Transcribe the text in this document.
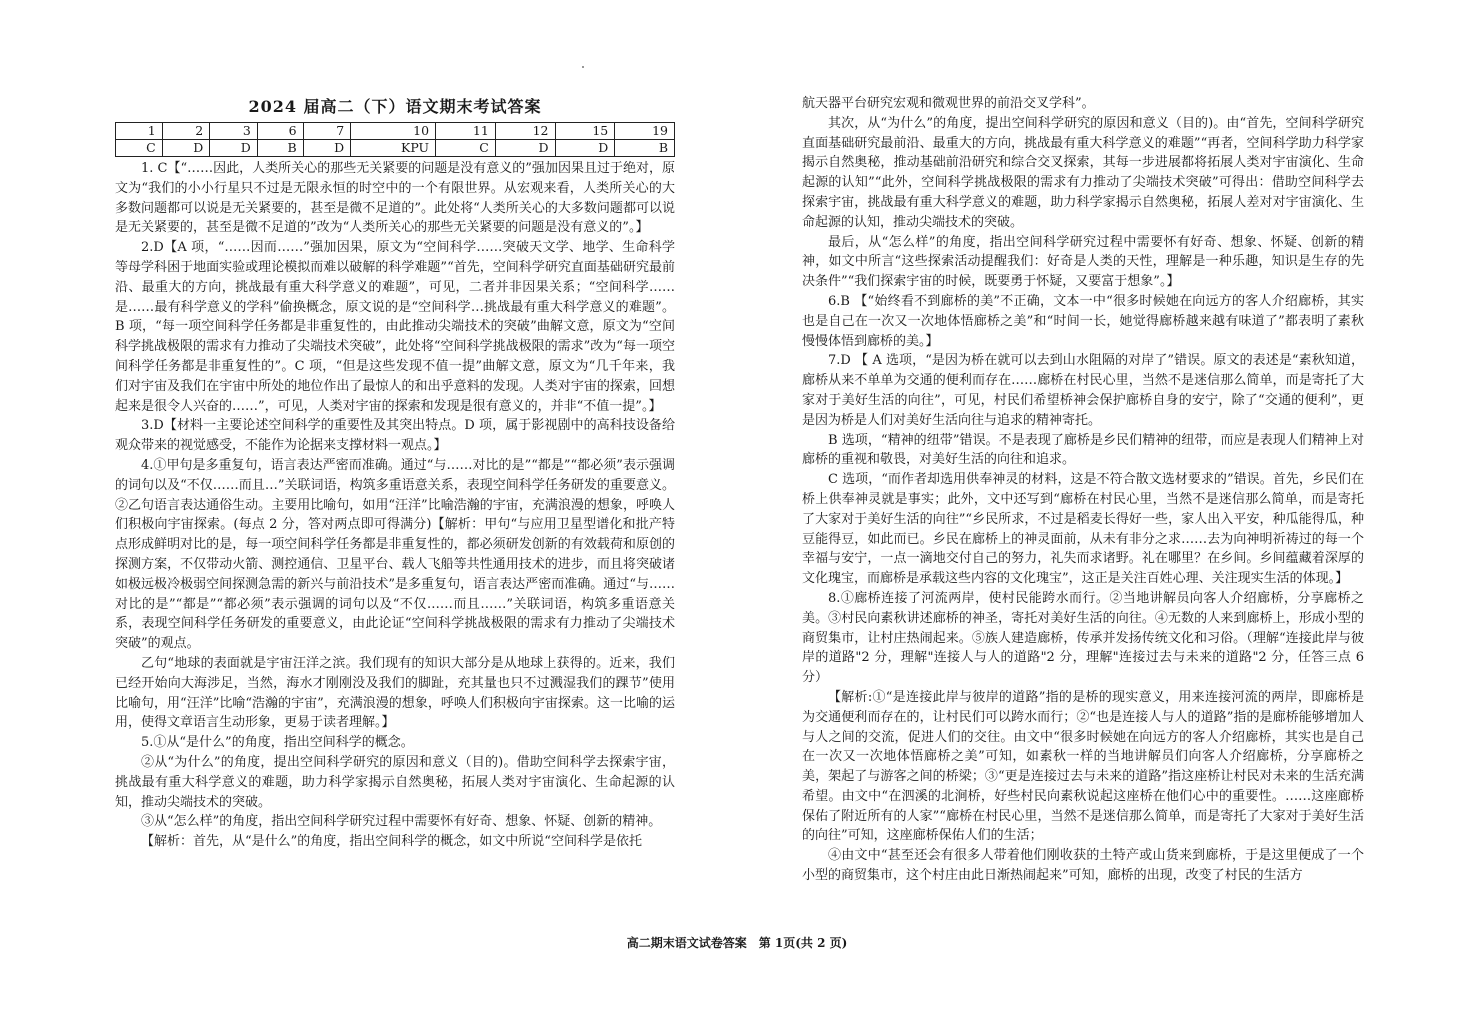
2024 届高二（下）语文期末考试答案
1	2	3	6	7	10	11	12	15	19
C	D	D	B	D	KPU	C	D	D	B

1. C【“……因此，人类所关心的那些无关紧要的问题是没有意义的”强加因果且过于绝对，原文为“我们的小小行星只不过是无限永恒的时空中的一个有限世界。从宏观来看，人类所关心的大多数问题都可以说是无关紧要的，甚至是微不足道的”。此处将“人类所关心的大多数问题都可以说是无关紧要的，甚至是微不足道的”改为“人类所关心的那些无关紧要的问题是没有意义的”。】

2.D【A 项，“……因而……”强加因果，原文为“空间科学……突破天文学、地学、生命科学等母学科困于地面实验或理论模拟而难以破解的科学难题”“首先，空间科学研究直面基础研究最前沿、最重大的方向，挑战最有重大科学意义的难题”，可见，二者并非因果关系；“空间科学……是……最有科学意义的学科”偷换概念，原文说的是“空间科学…挑战最有重大科学意义的难题”。B 项，“每一项空间科学任务都是非重复性的，由此推动尖端技术的突破”曲解文意，原文为“空间科学挑战极限的需求有力推动了尖端技术突破”，此处将“空间科学挑战极限的需求”改为“每一项空间科学任务都是非重复性的”。C 项，“但是这些发现不值一提”曲解文意，原文为“几千年来，我们对宇宙及我们在宇宙中所处的地位作出了最惊人的和出乎意料的发现。人类对宇宙的探索，回想起来是很令人兴奋的……”，可见，人类对宇宙的探索和发现是很有意义的，并非“不值一提”。】

3.D【材料一主要论述空间科学的重要性及其突出特点。D 项，属于影视剧中的高科技设备给观众带来的视觉感受，不能作为论据来支撑材料一观点。】

4.①甲句是多重复句，语言表达严密而准确。通过“与……对比的是”“都是”“都必须”表示强调的词句以及“不仅……而且…”关联词语，构筑多重语意关系，表现空间科学任务研发的重要意义。②乙句语言表达通俗生动。主要用比喻句，如用“汪洋”比喻浩瀚的宇宙，充满浪漫的想象，呼唤人们积极向宇宙探索。(每点 2 分，答对两点即可得满分)【解析：甲句“与应用卫星型谱化和批产特点形成鲜明对比的是，每一项空间科学任务都是非重复性的，都必须研发创新的有效载荷和原创的探测方案，不仅带动火箭、测控通信、卫星平台、载人飞船等共性通用技术的进步，而且将突破诸如极远极冷极弱空间探测急需的新兴与前沿技术”是多重复句，语言表达严密而准确。通过“与……对比的是”“都是”“都必须”表示强调的词句以及“不仅……而且……”关联词语，构筑多重语意关系，表现空间科学任务研发的重要意义，由此论证“空间科学挑战极限的需求有力推动了尖端技术突破”的观点。

乙句“地球的表面就是宇宙汪洋之滨。我们现有的知识大部分是从地球上获得的。近来，我们已经开始向大海涉足，当然，海水才刚刚没及我们的脚趾，充其量也只不过溅湿我们的踝节”使用比喻句，用“汪洋”比喻“浩瀚的宇宙”，充满浪漫的想象，呼唤人们积极向宇宙探索。这一比喻的运用，使得文章语言生动形象，更易于读者理解。】

5.①从“是什么”的角度，指出空间科学的概念。

②从“为什么”的角度，提出空间科学研究的原因和意义（目的)。借助空间科学去探索宇宙，挑战最有重大科学意义的难题，助力科学家揭示自然奥秘，拓展人类对宇宙演化、生命起源的认知，推动尖端技术的突破。

③从“怎么样”的角度，指出空间科学研究过程中需要怀有好奇、想象、怀疑、创新的精神。

【解析：首先，从“是什么”的角度，指出空间科学的概念，如文中所说“空间科学是依托

航天器平台研究宏观和微观世界的前沿交叉学科”。

其次，从“为什么”的角度，提出空间科学研究的原因和意义（目的)。由“首先，空间科学研究直面基础研究最前沿、最重大的方向，挑战最有重大科学意义的难题”“再者，空间科学助力科学家揭示自然奥秘，推动基础前沿研究和综合交叉探索，其每一步进展都将拓展人类对宇宙演化、生命起源的认知”“此外，空间科学挑战极限的需求有力推动了尖端技术突破”可得出：借助空间科学去探索宇宙，挑战最有重大科学意义的难题，助力科学家揭示自然奥秘，拓展人差对对宇宙演化、生命起源的认知，推动尖端技术的突破。

最后，从“怎么样”的角度，指出空间科学研究过程中需要怀有好奇、想象、怀疑、创新的精神，如文中所言“这些探索活动提醒我们：好奇是人类的天性，理解是一种乐趣，知识是生存的先决条件”“我们探索宇宙的时候，既要勇于怀疑，又要富于想象”。】

6.B 【“始终看不到廊桥的美”不正确，文本一中“很多时候她在向远方的客人介绍廊桥，其实也是自己在一次又一次地体悟廊桥之美”和“时间一长，她觉得廊桥越来越有味道了”都表明了素秋慢慢体悟到廊桥的美。】

7.D 【 A 选项，“是因为桥在就可以去到山水阻隔的对岸了”错误。原文的表述是“素秋知道，廊桥从来不单单为交通的便利而存在……廊桥在村民心里，当然不是迷信那么简单，而是寄托了大家对于美好生活的向往”，可见，村民们希望桥神会保护廊桥自身的安宁，除了“交通的便利”，更是因为桥是人们对美好生活向往与追求的精神寄托。

B 选项，“精神的纽带”错误。不是表现了廊桥是乡民们精神的纽带，而应是表现人们精神上对廊桥的重视和敬畏，对美好生活的向往和追求。

C 选项，“而作者却选用供奉神灵的材料，这是不符合散文选材要求的”错误。首先，乡民们在桥上供奉神灵就是事实；此外，文中还写到“廊桥在村民心里，当然不是迷信那么简单，而是寄托了大家对于美好生活的向往”“乡民所求，不过是稻麦长得好一些，家人出入平安，种瓜能得瓜，种豆能得豆，如此而已。乡民在廊桥上的神灵面前，从未有非分之求……去为向神明祈祷过的每一个幸福与安宁，一点一滴地交付自己的努力，礼失而求诸野。礼在哪里？在乡间。乡间蕴藏着深厚的文化瑰宝，而廊桥是承载这些内容的文化瑰宝”，这正是关注百姓心理、关注现实生活的体现。】

8.①廊桥连接了河流两岸，使村民能跨水而行。②当地讲解员向客人介绍廊桥，分享廊桥之美。③村民向素秋讲述廊桥的神圣，寄托对美好生活的向往。④无数的人来到廊桥上，形成小型的商贸集市，让村庄热闹起来。⑤族人建造廊桥，传承并发扬传统文化和习俗。（理解“连接此岸与彼岸的道路"2 分，理解"连接人与人的道路"2 分，理解"连接过去与未来的道路"2 分，任答三点 6 分）

【解析:①“是连接此岸与彼岸的道路”指的是桥的现实意义，用来连接河流的两岸，即廊桥是为交通便利而存在的，让村民们可以跨水而行；②“也是连接人与人的道路”指的是廊桥能够增加人与人之间的交流，促进人们的交往。由文中“很多时候她在向远方的客人介绍廊桥，其实也是自己在一次又一次地体悟廊桥之美”可知，如素秋一样的当地讲解员们向客人介绍廊桥，分享廊桥之美，架起了与游客之间的桥梁；③“更是连接过去与未来的道路”指这座桥让村民对未来的生活充满希望。由文中“在泗溪的北涧桥，好些村民向素秋说起这座桥在他们心中的重要性。……这座廊桥保佑了附近所有的人家”“廊桥在村民心里，当然不是迷信那么简单，而是寄托了大家对于美好生活的向往”可知，这座廊桥保佑人们的生活；

④由文中“甚至还会有很多人带着他们刚收获的土特产或山货来到廊桥，于是这里便成了一个小型的商贸集市，这个村庄由此日渐热闹起来”可知，廊桥的出现，改变了村民的生活方

高二期末语文试卷答案　第 1页(共 2 页)
